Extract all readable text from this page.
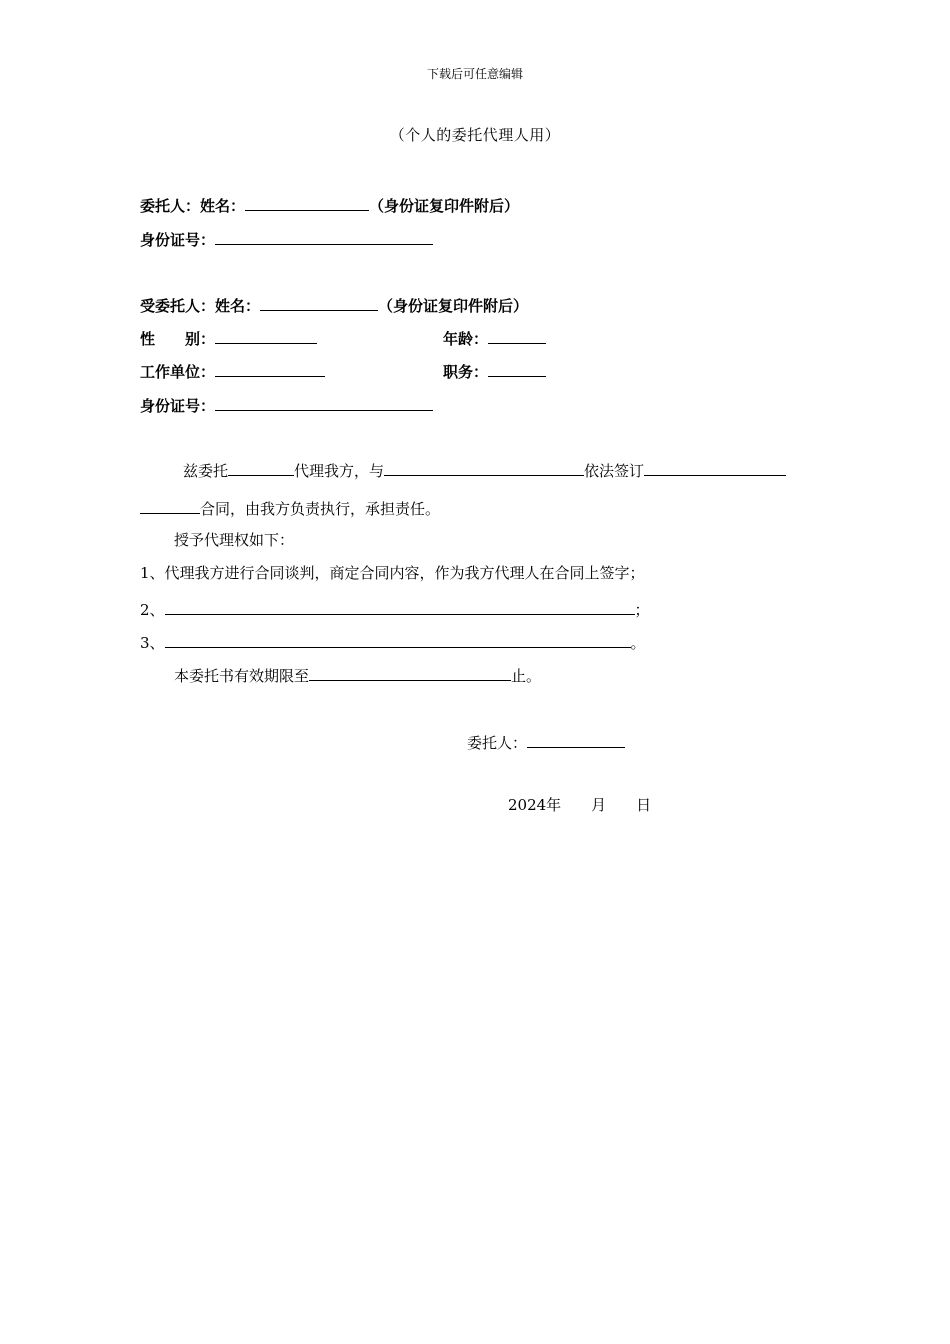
下载后可任意编辑
（个人的委托代理人用）
委托人：姓名：	（身份证复印件附后）
身份证号：
受委托人：姓名：	（身份证复印件附后）
性　　别：	年龄：
工作单位：	职务：
身份证号：
兹委托	代理我方，与	依法签订
合同，由我方负责执行，承担责任。
授予代理权如下：
1、代理我方进行合同谈判，商定合同内容，作为我方代理人在合同上签字；
2、	；
3、	。
本委托书有效期限至	止。
委托人：
2024年　　月　　日
